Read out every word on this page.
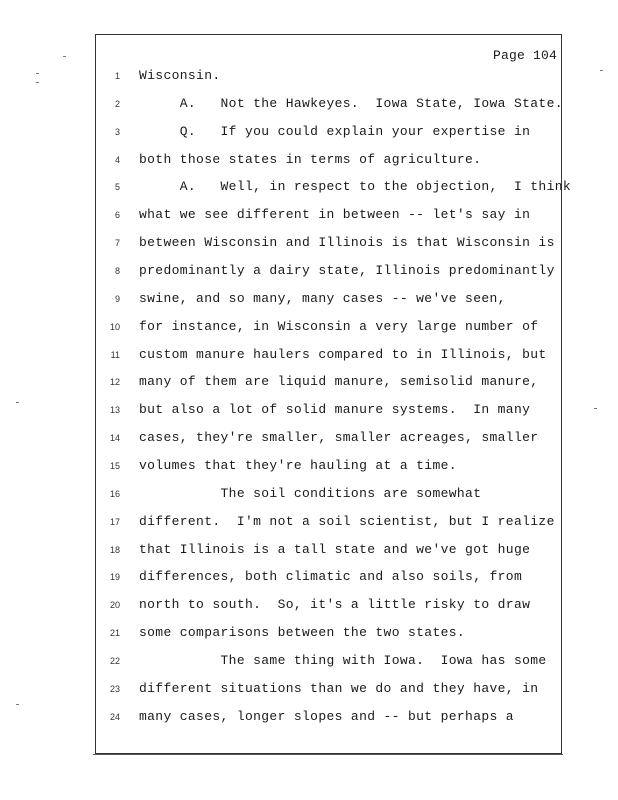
Page 104
1 Wisconsin.
2 A.   Not the Hawkeyes.  Iowa State, Iowa State.
3 Q.   If you could explain your expertise in
4 both those states in terms of agriculture.
5 A.   Well, in respect to the objection,  I think
6 what we see different in between -- let's say in
7 between Wisconsin and Illinois is that Wisconsin is
8 predominantly a dairy state, Illinois predominantly
9 swine, and so many, many cases -- we've seen,
10 for instance, in Wisconsin a very large number of
11 custom manure haulers compared to in Illinois, but
12 many of them are liquid manure, semisolid manure,
13 but also a lot of solid manure systems.  In many
14 cases, they're smaller, smaller acreages, smaller
15 volumes that they're hauling at a time.
16 The soil conditions are somewhat
17 different.  I'm not a soil scientist, but I realize
18 that Illinois is a tall state and we've got huge
19 differences, both climatic and also soils, from
20 north to south.  So, it's a little risky to draw
21 some comparisons between the two states.
22 The same thing with Iowa.  Iowa has some
23 different situations than we do and they have, in
24 many cases, longer slopes and -- but perhaps a
